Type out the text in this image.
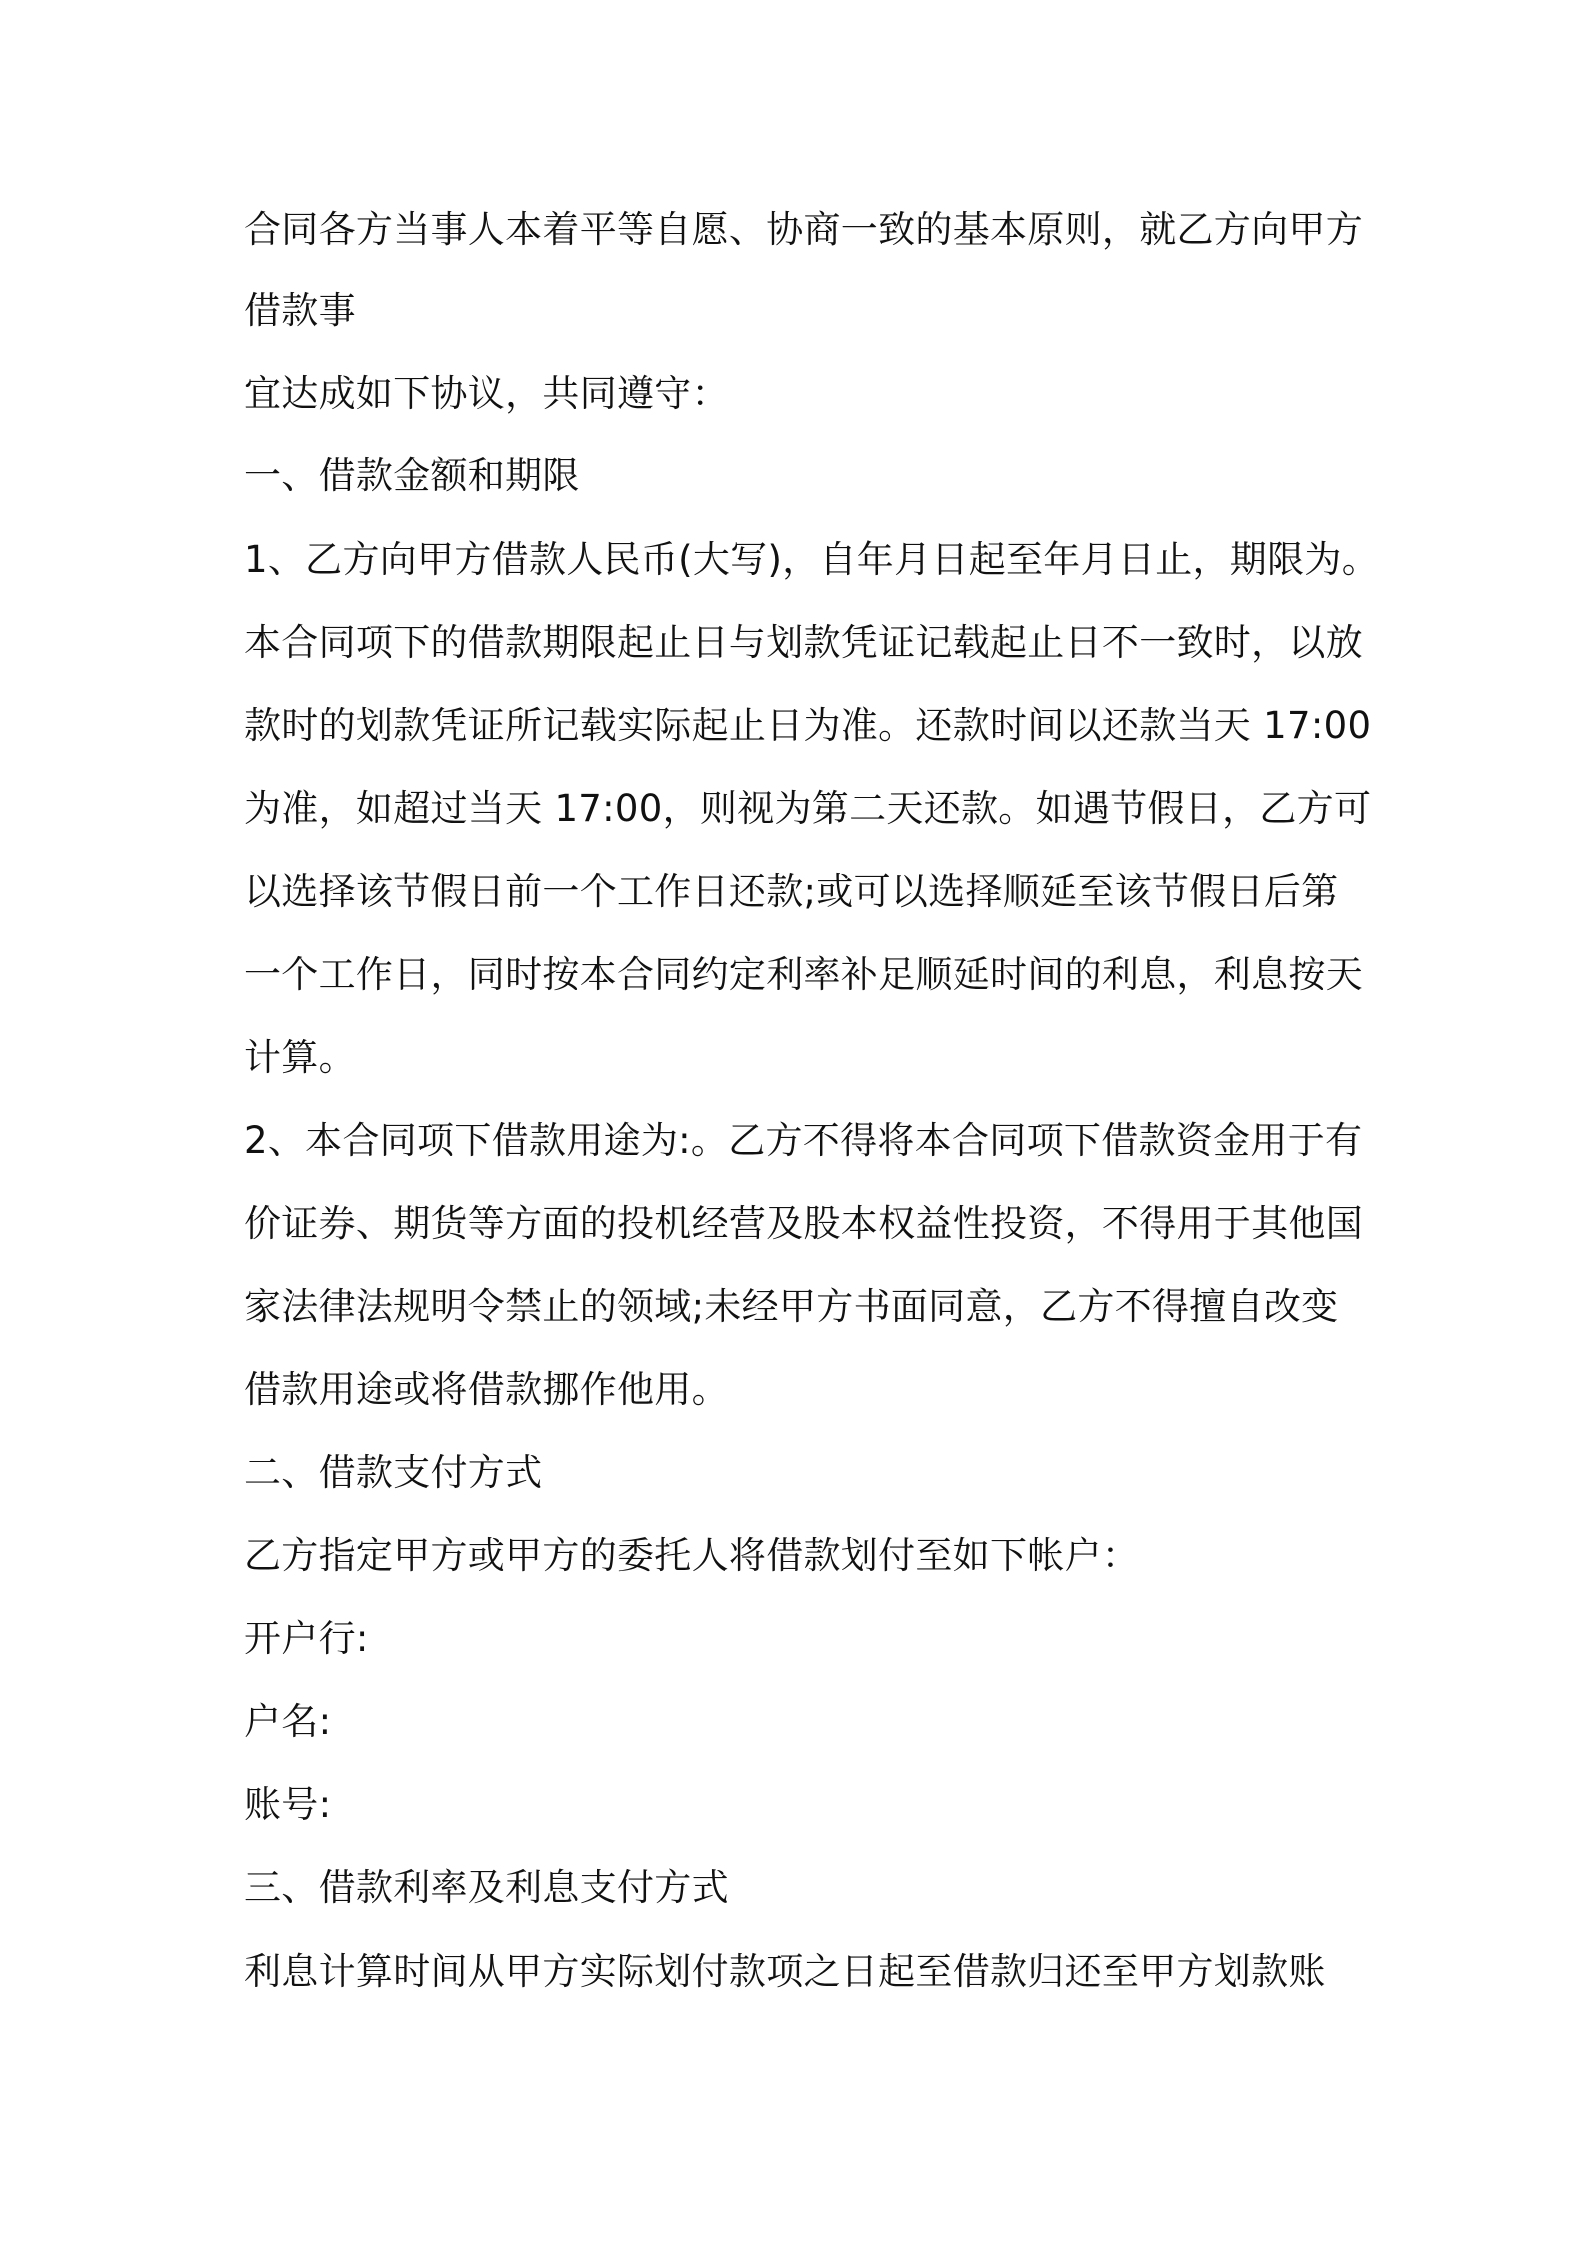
合同各方当事人本着平等自愿、协商一致的基本原则，就乙方向甲方
借款事
宜达成如下协议，共同遵守：
一、借款金额和期限
1、乙方向甲方借款人民币(大写)，自年月日起至年月日止，期限为。
本合同项下的借款期限起止日与划款凭证记载起止日不一致时，以放
款时的划款凭证所记载实际起止日为准。还款时间以还款当天 17:00
为准，如超过当天 17:00，则视为第二天还款。如遇节假日，乙方可
以选择该节假日前一个工作日还款;或可以选择顺延至该节假日后第
一个工作日，同时按本合同约定利率补足顺延时间的利息，利息按天
计算。
2、本合同项下借款用途为:。乙方不得将本合同项下借款资金用于有
价证券、期货等方面的投机经营及股本权益性投资，不得用于其他国
家法律法规明令禁止的领域;未经甲方书面同意，乙方不得擅自改变
借款用途或将借款挪作他用。
二、借款支付方式
乙方指定甲方或甲方的委托人将借款划付至如下帐户：
开户行:
户名:
账号:
三、借款利率及利息支付方式
利息计算时间从甲方实际划付款项之日起至借款归还至甲方划款账
